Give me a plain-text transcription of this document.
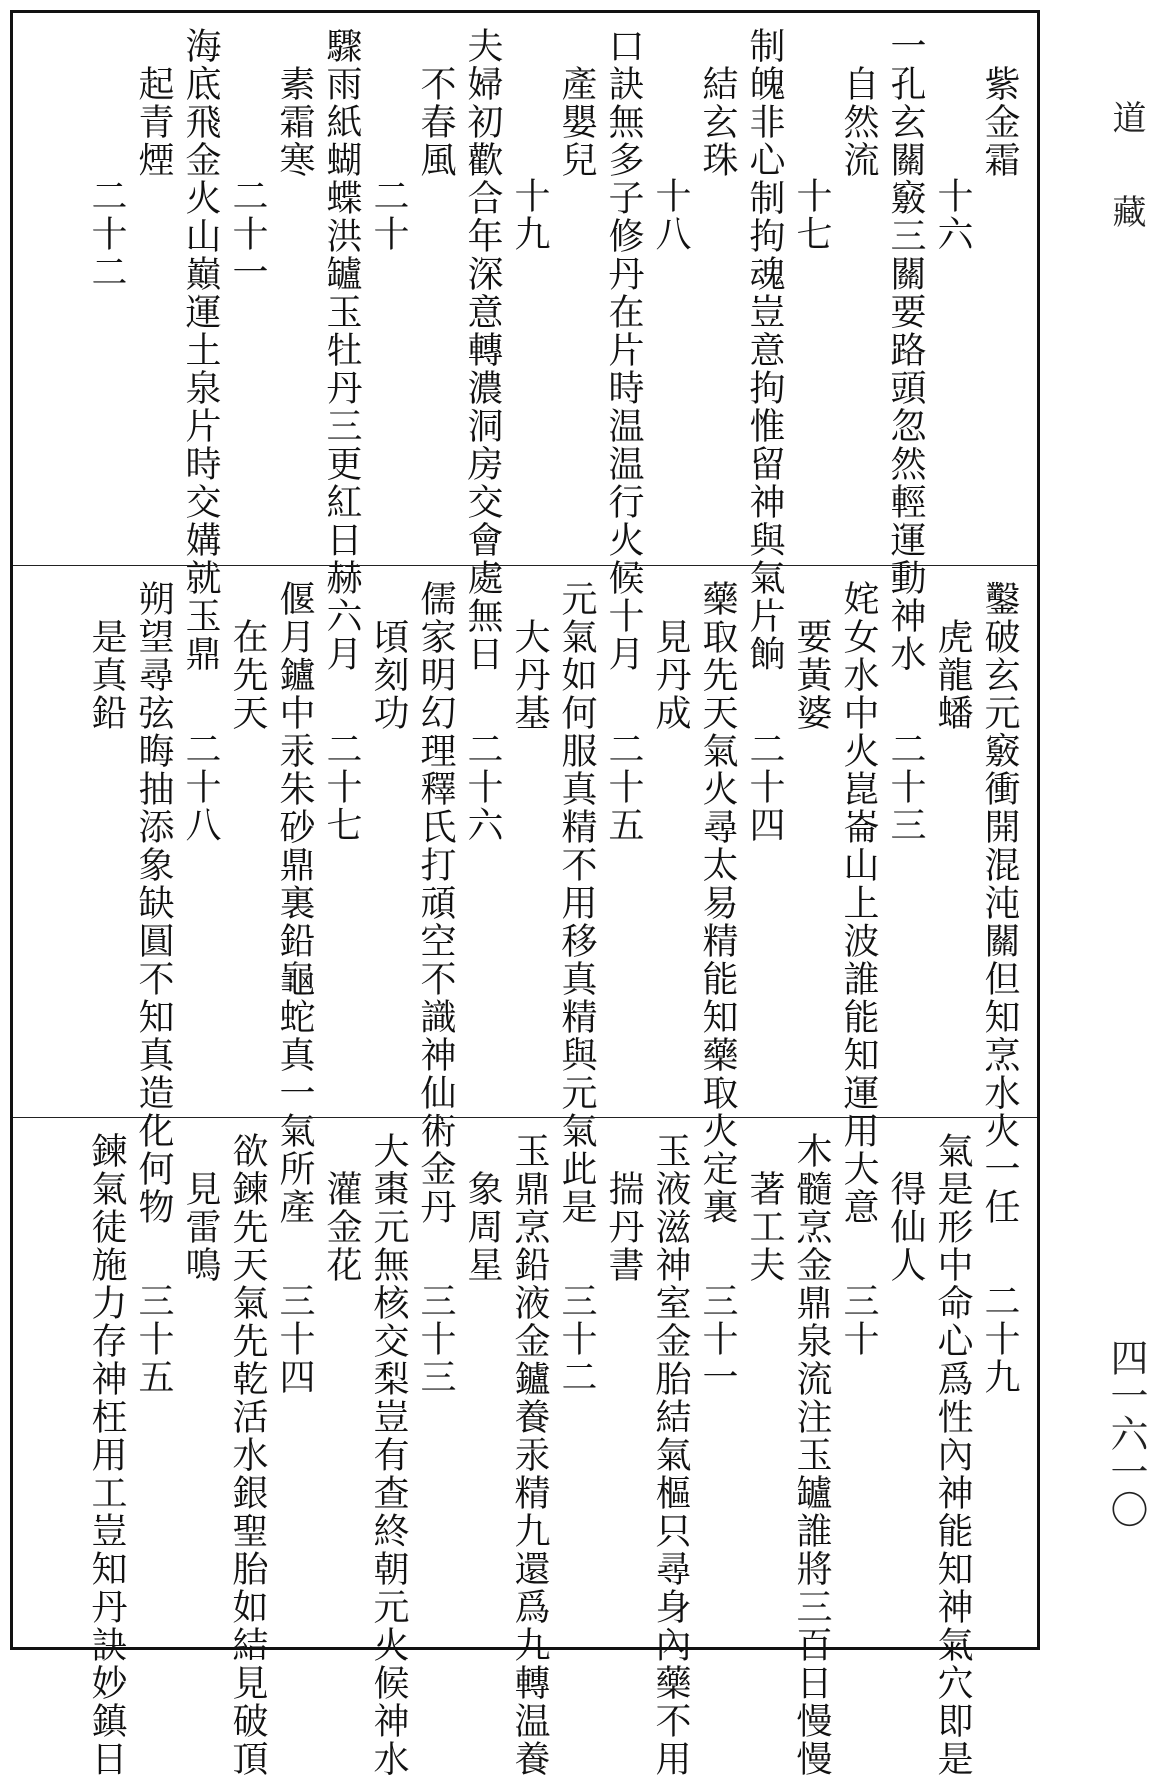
紫金霜
十六
一孔玄關竅三關要路頭忽然輕運動神水
自然流
十七
制魄非心制拘魂豈意拘惟留神與氣片餉
結玄珠
十八
口訣無多子修丹在片時温温行火候十月
產嬰兒
十九
夫婦初歡合年深意轉濃洞房交會處無日
不春風
二十
驟雨紙蝴蝶洪罏玉牡丹三更紅日赫六月
素霜寒
二十一
海底飛金火山巔運土泉片時交媾就玉鼎
起青煙
二十二
鑿破玄元竅衝開混沌關但知烹水火一任
虎龍蟠
二十三
姹女水中火崑崙山上波誰能知運用大意
要黃婆
二十四
藥取先天氣火尋太易精能知藥取火定裏
見丹成
二十五
元氣如何服真精不用移真精與元氣此是
大丹基
二十六
儒家明幻理釋氏打頑空不識神仙術金丹
頃刻功
二十七
偃月鑪中汞朱砂鼎裏鉛龜蛇真一氣所產
在先天
二十八
朔望尋弦晦抽添象缺圓不知真造化何物
是真鉛
二十九
氣是形中命心爲性內神能知神氣穴即是
得仙人
三十
木髓烹金鼎泉流注玉罏誰將三百日慢慢
著工夫
三十一
玉液滋神室金胎結氣樞只尋身內藥不用
揣丹書
三十二
玉鼎烹鉛液金鑪養汞精九還爲九轉温養
象周星
三十三
大棗元無核交梨豈有查終朝元火候神水
灌金花
三十四
欲鍊先天氣先乾活水銀聖胎如結見破頂
見雷鳴
三十五
鍊氣徒施力存神枉用工豈知丹訣妙鎮日
道藏
四一六一〇
